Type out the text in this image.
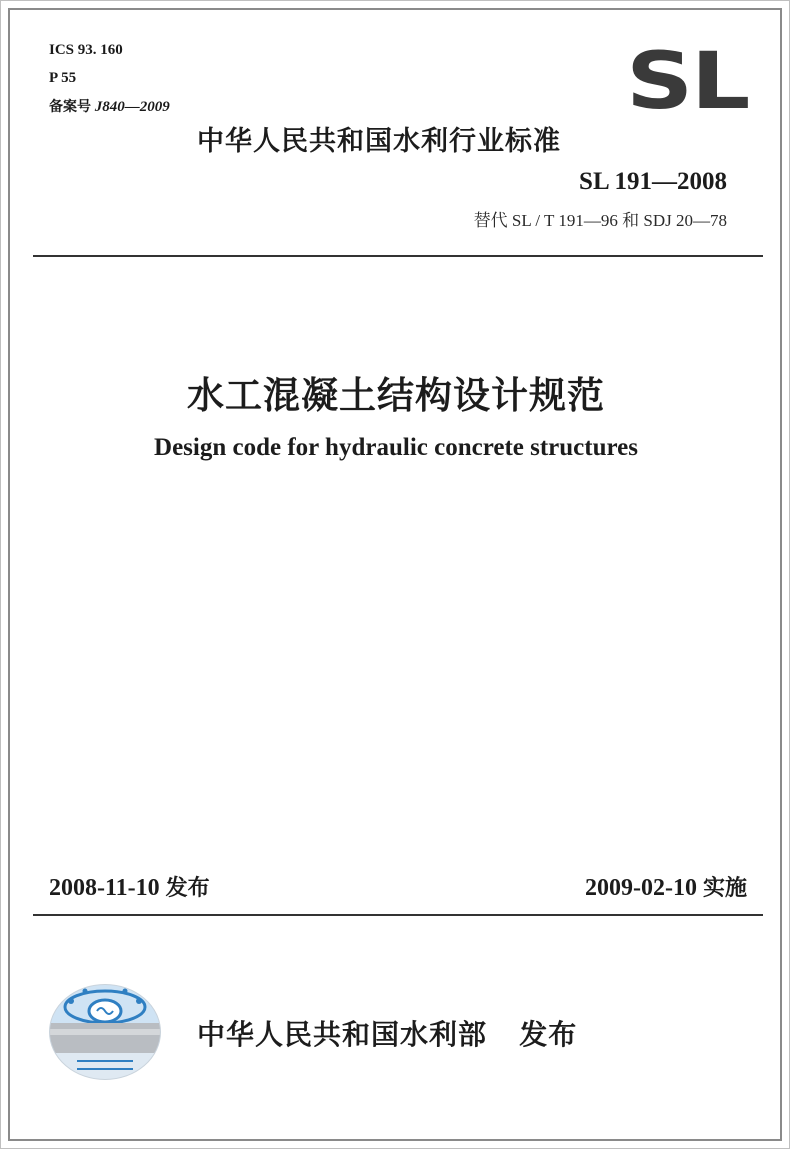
ICS 93. 160
P 55
备案号 J840—2009	SL
中华人民共和国水利行业标准
SL 191—2008
替代 SL / T 191—96 和 SDJ 20—78
水工混凝土结构设计规范
Design code for hydraulic concrete structures
2008-11-10 发布	2009-02-10 实施
中华人民共和国水利部 发布
